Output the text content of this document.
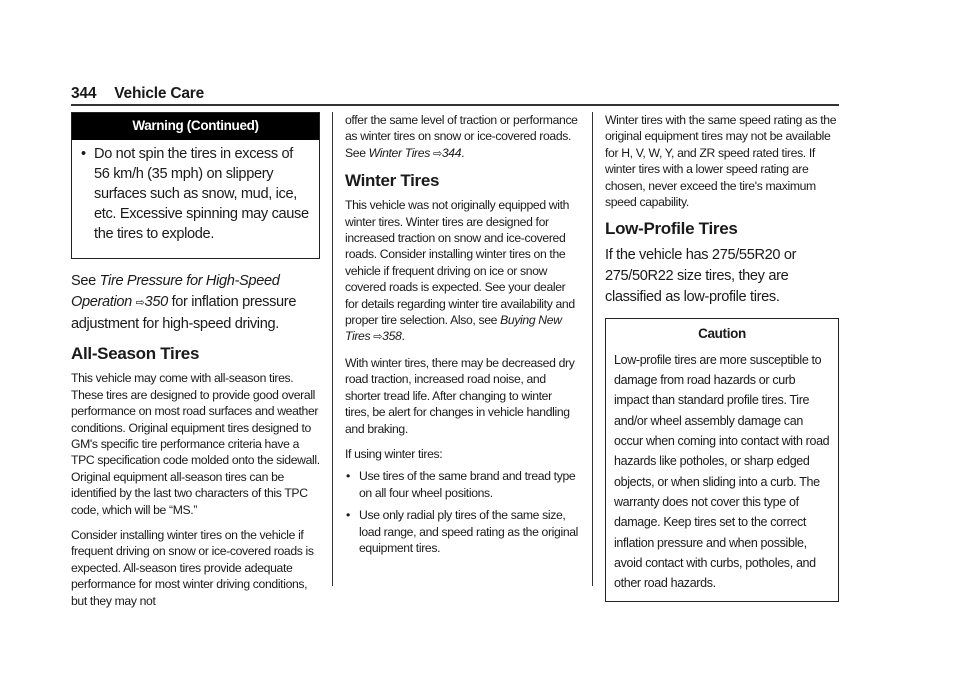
344 Vehicle Care
Warning (Continued)
• Do not spin the tires in excess of 56 km/h (35 mph) on slippery surfaces such as snow, mud, ice, etc. Excessive spinning may cause the tires to explode.

See Tire Pressure for High-Speed Operation ⇨350 for inflation pressure adjustment for high-speed driving.

All-Season Tires

This vehicle may come with all-season tires. These tires are designed to provide good overall performance on most road surfaces and weather conditions. Original equipment tires designed to GM's specific tire performance criteria have a TPC specification code molded onto the sidewall. Original equipment all-season tires can be identified by the last two characters of this TPC code, which will be “MS.”

Consider installing winter tires on the vehicle if frequent driving on snow or ice-covered roads is expected. All-season tires provide adequate performance for most winter driving conditions, but they may not

offer the same level of traction or performance as winter tires on snow or ice-covered roads. See Winter Tires ⇨344.

Winter Tires

This vehicle was not originally equipped with winter tires. Winter tires are designed for increased traction on snow and ice-covered roads. Consider installing winter tires on the vehicle if frequent driving on ice or snow covered roads is expected. See your dealer for details regarding winter tire availability and proper tire selection. Also, see Buying New Tires ⇨358.

With winter tires, there may be decreased dry road traction, increased road noise, and shorter tread life. After changing to winter tires, be alert for changes in vehicle handling and braking.

If using winter tires:

• Use tires of the same brand and tread type on all four wheel positions.
• Use only radial ply tires of the same size, load range, and speed rating as the original equipment tires.

Winter tires with the same speed rating as the original equipment tires may not be available for H, V, W, Y, and ZR speed rated tires. If winter tires with a lower speed rating are chosen, never exceed the tire's maximum speed capability.

Low-Profile Tires

If the vehicle has 275/55R20 or 275/50R22 size tires, they are classified as low-profile tires.

Caution
Low-profile tires are more susceptible to damage from road hazards or curb impact than standard profile tires. Tire and/or wheel assembly damage can occur when coming into contact with road hazards like potholes, or sharp edged objects, or when sliding into a curb. The warranty does not cover this type of damage. Keep tires set to the correct inflation pressure and when possible, avoid contact with curbs, potholes, and other road hazards.
